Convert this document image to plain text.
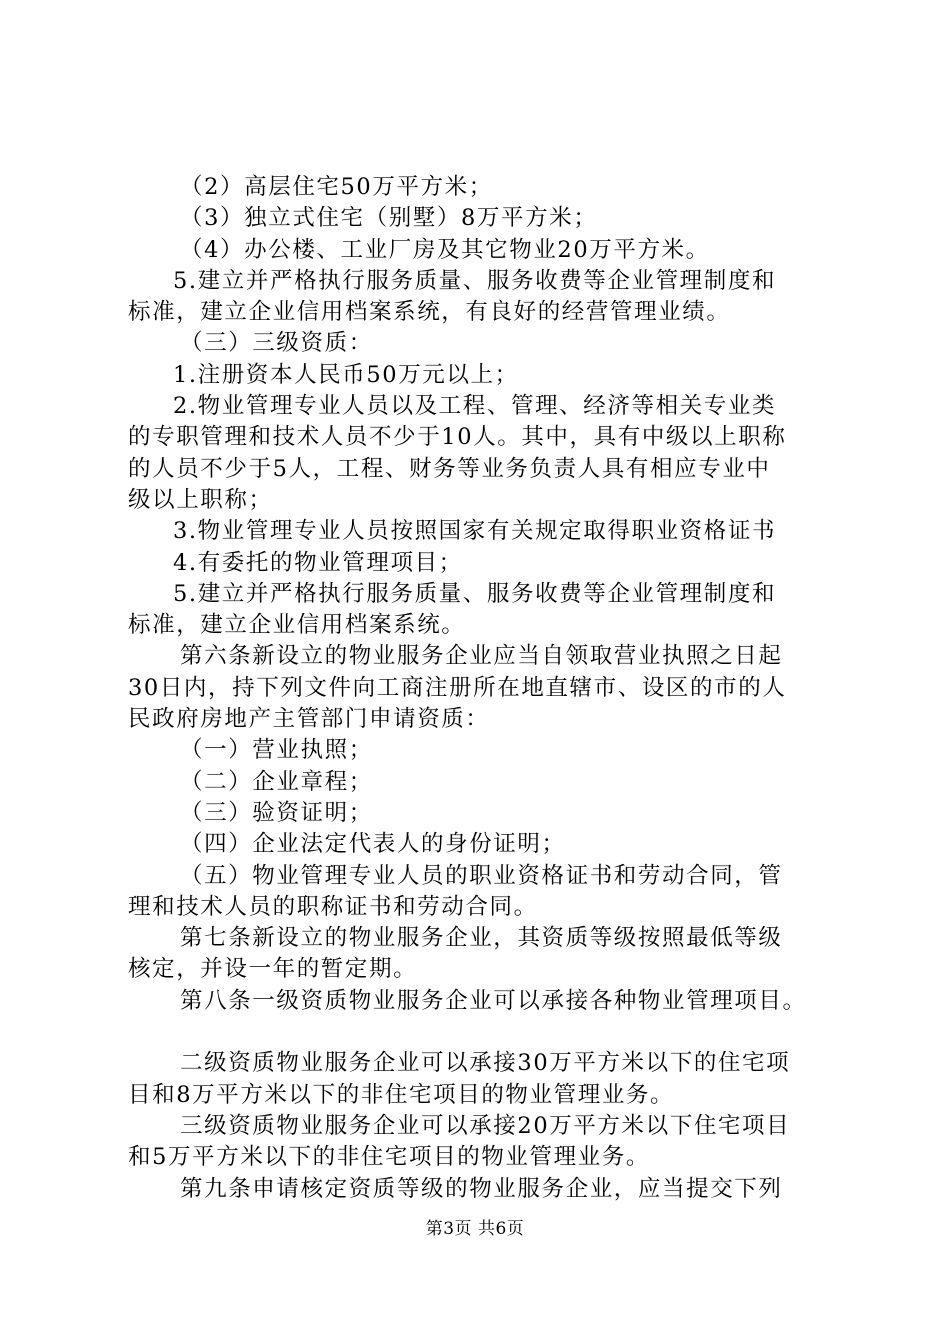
（2）高层住宅50万平方米；
（3）独立式住宅（别墅）8万平方米；
（4）办公楼、工业厂房及其它物业20万平方米。
5.建立并严格执行服务质量、服务收费等企业管理制度和
标准，建立企业信用档案系统，有良好的经营管理业绩。
（三）三级资质：
1.注册资本人民币50万元以上；
2.物业管理专业人员以及工程、管理、经济等相关专业类
的专职管理和技术人员不少于10人。其中，具有中级以上职称
的人员不少于5人，工程、财务等业务负责人具有相应专业中
级以上职称；
3.物业管理专业人员按照国家有关规定取得职业资格证书
4.有委托的物业管理项目；
5.建立并严格执行服务质量、服务收费等企业管理制度和
标准，建立企业信用档案系统。
第六条新设立的物业服务企业应当自领取营业执照之日起
30日内，持下列文件向工商注册所在地直辖市、设区的市的人
民政府房地产主管部门申请资质：
（一）营业执照；
（二）企业章程；
（三）验资证明；
（四）企业法定代表人的身份证明；
（五）物业管理专业人员的职业资格证书和劳动合同，管
理和技术人员的职称证书和劳动合同。
第七条新设立的物业服务企业，其资质等级按照最低等级
核定，并设一年的暂定期。
第八条一级资质物业服务企业可以承接各种物业管理项目。
二级资质物业服务企业可以承接30万平方米以下的住宅项
目和8万平方米以下的非住宅项目的物业管理业务。
三级资质物业服务企业可以承接20万平方米以下住宅项目
和5万平方米以下的非住宅项目的物业管理业务。
第九条申请核定资质等级的物业服务企业，应当提交下列
第3页 共6页
